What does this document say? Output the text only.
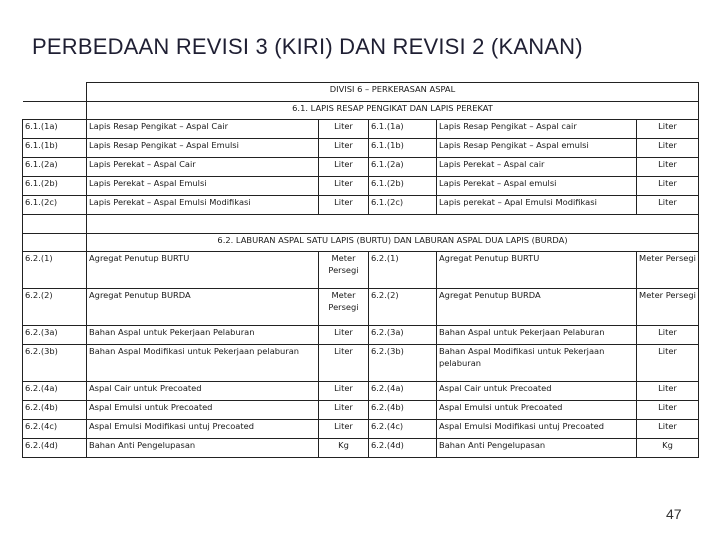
PERBEDAAN REVISI 3 (KIRI) DAN REVISI 2 (KANAN)
	DIVISI 6 – PERKERASAN ASPAL				
	6.1. LAPIS RESAP PENGIKAT DAN LAPIS PEREKAT				
6.1.(1a)	Lapis Resap Pengikat – Aspal Cair	Liter	6.1.(1a)	Lapis Resap Pengikat – Aspal cair	Liter
6.1.(1b)	Lapis Resap Pengikat – Aspal Emulsi	Liter	6.1.(1b)	Lapis Resap Pengikat – Aspal emulsi	Liter
6.1.(2a)	Lapis Perekat – Aspal Cair	Liter	6.1.(2a)	Lapis Perekat – Aspal cair	Liter
6.1.(2b)	Lapis Perekat – Aspal Emulsi	Liter	6.1.(2b)	Lapis Perekat – Aspal emulsi	Liter
6.1.(2c)	Lapis Perekat – Aspal Emulsi Modifikasi	Liter	6.1.(2c)	Lapis perekat – Apal Emulsi Modifikasi	Liter

	6.2. LABURAN ASPAL SATU LAPIS (BURTU) DAN LABURAN ASPAL DUA LAPIS (BURDA)				
6.2.(1)	Agregat Penutup BURTU	Meter Persegi	6.2.(1)	Agregat Penutup BURTU	Meter Persegi
6.2.(2)	Agregat Penutup BURDA	Meter Persegi	6.2.(2)	Agregat Penutup BURDA	Meter Persegi
6.2.(3a)	Bahan Aspal untuk Pekerjaan Pelaburan	Liter	6.2.(3a)	Bahan Aspal untuk Pekerjaan Pelaburan	Liter
6.2.(3b)	Bahan Aspal Modifikasi untuk Pekerjaan pelaburan	Liter	6.2.(3b)	Bahan Aspal Modifikasi untuk Pekerjaan pelaburan	Liter
6.2.(4a)	Aspal Cair untuk Precoated	Liter	6.2.(4a)	Aspal Cair untuk Precoated	Liter
6.2.(4b)	Aspal Emulsi untuk Precoated	Liter	6.2.(4b)	Aspal Emulsi untuk Precoated	Liter
6.2.(4c)	Aspal Emulsi Modifikasi untuj Precoated	Liter	6.2.(4c)	Aspal Emulsi Modifikasi untuj Precoated	Liter
6.2.(4d)	Bahan Anti Pengelupasan	Kg	6.2.(4d)	Bahan Anti Pengelupasan	Kg
47
